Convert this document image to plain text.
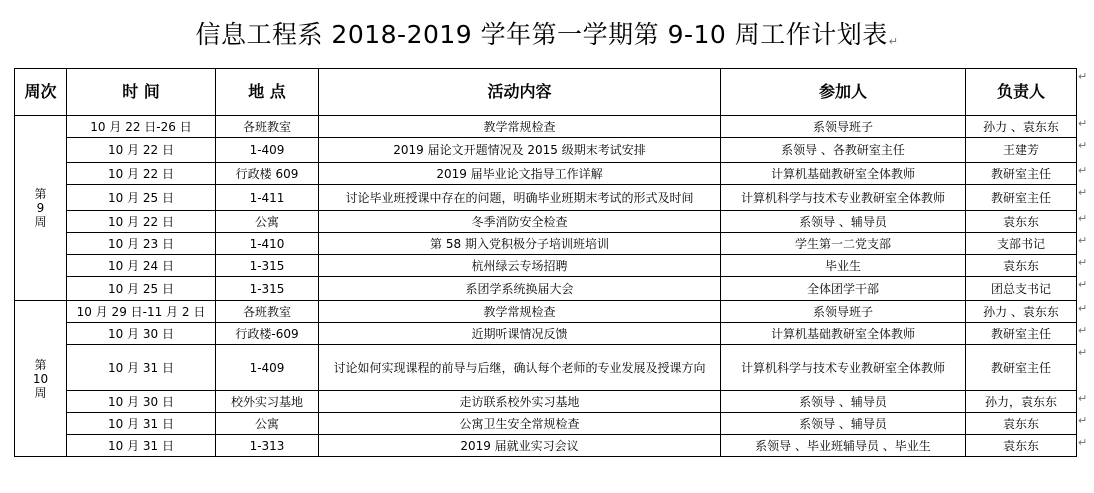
信息工程系 2018-2019 学年第一学期第 9-10 周工作计划表↵
周次	时 间	地 点	活动内容	参加人	负责人

第
9
周	10 月 22 日-26 日	各班教室	教学常规检查	系领导班子	孙力 、袁东东
	10 月 22 日	1-409	2019 届论文开题情况及 2015 级期末考试安排	系领导 、各教研室主任	王建芳
	10 月 22 日	行政楼 609	2019 届毕业论文指导工作详解	计算机基础教研室全体教师	教研室主任
	10 月 25 日	1-411	讨论毕业班授课中存在的问题，明确毕业班期末考试的形式及时间	计算机科学与技术专业教研室全体教师	教研室主任
	10 月 22 日	公寓	冬季消防安全检查	系领导 、辅导员	袁东东
	10 月 23 日	1-410	第 58 期入党积极分子培训班培训	学生第一二党支部	支部书记
	10 月 24 日	1-315	杭州绿云专场招聘	毕业生	袁东东
	10 月 25 日	1-315	系团学系统换届大会	全体团学干部	团总支书记

第
10
周	10 月 29 日-11 月 2 日	各班教室	教学常规检查	系领导班子	孙力 、袁东东
	10 月 30 日	行政楼-609	近期听课情况反馈	计算机基础教研室全体教师	教研室主任
	10 月 31 日	1-409	讨论如何实现课程的前导与后继，确认每个老师的专业发展及授课方向	计算机科学与技术专业教研室全体教师	教研室主任
	10 月 30 日	校外实习基地	走访联系校外实习基地	系领导 、辅导员	孙力，袁东东
	10 月 31 日	公寓	公寓卫生安全常规检查	系领导 、辅导员	袁东东
	10 月 31 日	1-313	2019 届就业实习会议	系领导 、毕业班辅导员 、毕业生	袁东东
↵
↵
↵
↵
↵
↵
↵
↵
↵
↵
↵
↵
↵
↵
↵
